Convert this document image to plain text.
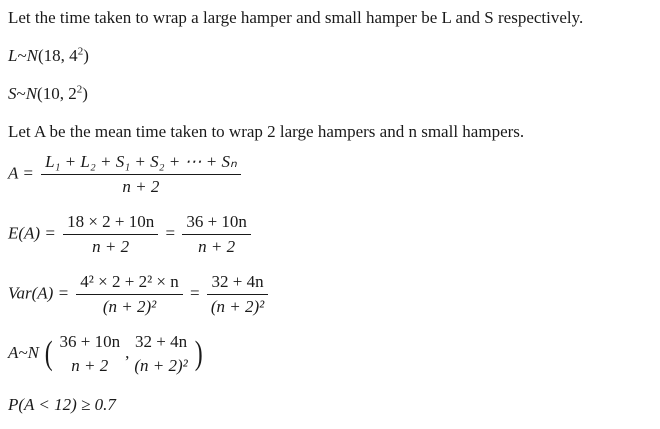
Let the time taken to wrap a large hamper and small hamper be L and S respectively.
L~N(18, $4^2$)
S~N(10, $2^2$)
Let A be the mean time taken to wrap 2 large hampers and n small hampers.
$A = \frac{\text{L₁ + L₂ + S₁ + S₂ + ⋯ + Sₙ}}{n + 2}$
$E(A) = \frac{18 \times 2 + 10n}{n + 2} = \frac{36 + 10n}{n + 2}$
$Var(A) = \frac{\text{4² × 2 + 2² × n}}{\text{(n + 2)²}} = \frac{32 + 4n}{\text{(n + 2)²}}$
A~N ( 36 + 10n
n + 2
,
32 + 4n
(n + 2)² )
P(A < 12) ≥ 0.7
